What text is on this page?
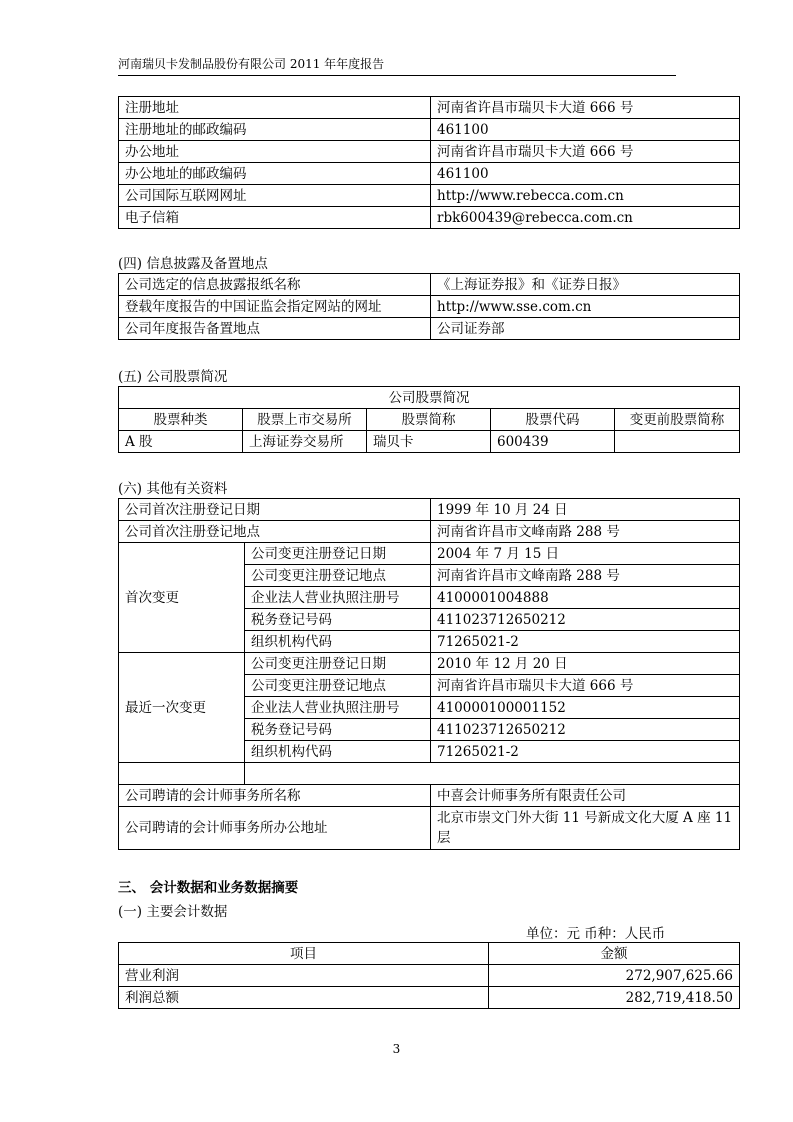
河南瑞贝卡发制品股份有限公司 2011 年年度报告
注册地址	河南省许昌市瑞贝卡大道 666 号
注册地址的邮政编码	461100
办公地址	河南省许昌市瑞贝卡大道 666 号
办公地址的邮政编码	461100
公司国际互联网网址	http://www.rebecca.com.cn
电子信箱	rbk600439@rebecca.com.cn
(四) 信息披露及备置地点
公司选定的信息披露报纸名称	《上海证券报》和《证券日报》
登载年度报告的中国证监会指定网站的网址	http://www.sse.com.cn
公司年度报告备置地点	公司证券部
(五) 公司股票简况
公司股票简况				
股票种类	股票上市交易所	股票简称	股票代码	变更前股票简称
A 股	上海证券交易所	瑞贝卡	600439	
(六) 其他有关资料
公司首次注册登记日期		1999 年 10 月 24 日
公司首次注册登记地点		河南省许昌市文峰南路 288 号
首次变更	公司变更注册登记日期	2004 年 7 月 15 日
	公司变更注册登记地点	河南省许昌市文峰南路 288 号
	企业法人营业执照注册号	4100001004888
	税务登记号码	411023712650212
	组织机构代码	71265021-2
最近一次变更	公司变更注册登记日期	2010 年 12 月 20 日
	公司变更注册登记地点	河南省许昌市瑞贝卡大道 666 号
	企业法人营业执照注册号	410000100001152
	税务登记号码	411023712650212
	组织机构代码	71265021-2

公司聘请的会计师事务所名称		中喜会计师事务所有限责任公司
公司聘请的会计师事务所办公地址		北京市崇文门外大街 11 号新成文化大厦 A 座 11 层
三、 会计数据和业务数据摘要
(一) 主要会计数据
单位：元 币种：人民币
项目	金额
营业利润	272,907,625.66
利润总额	282,719,418.50
3
